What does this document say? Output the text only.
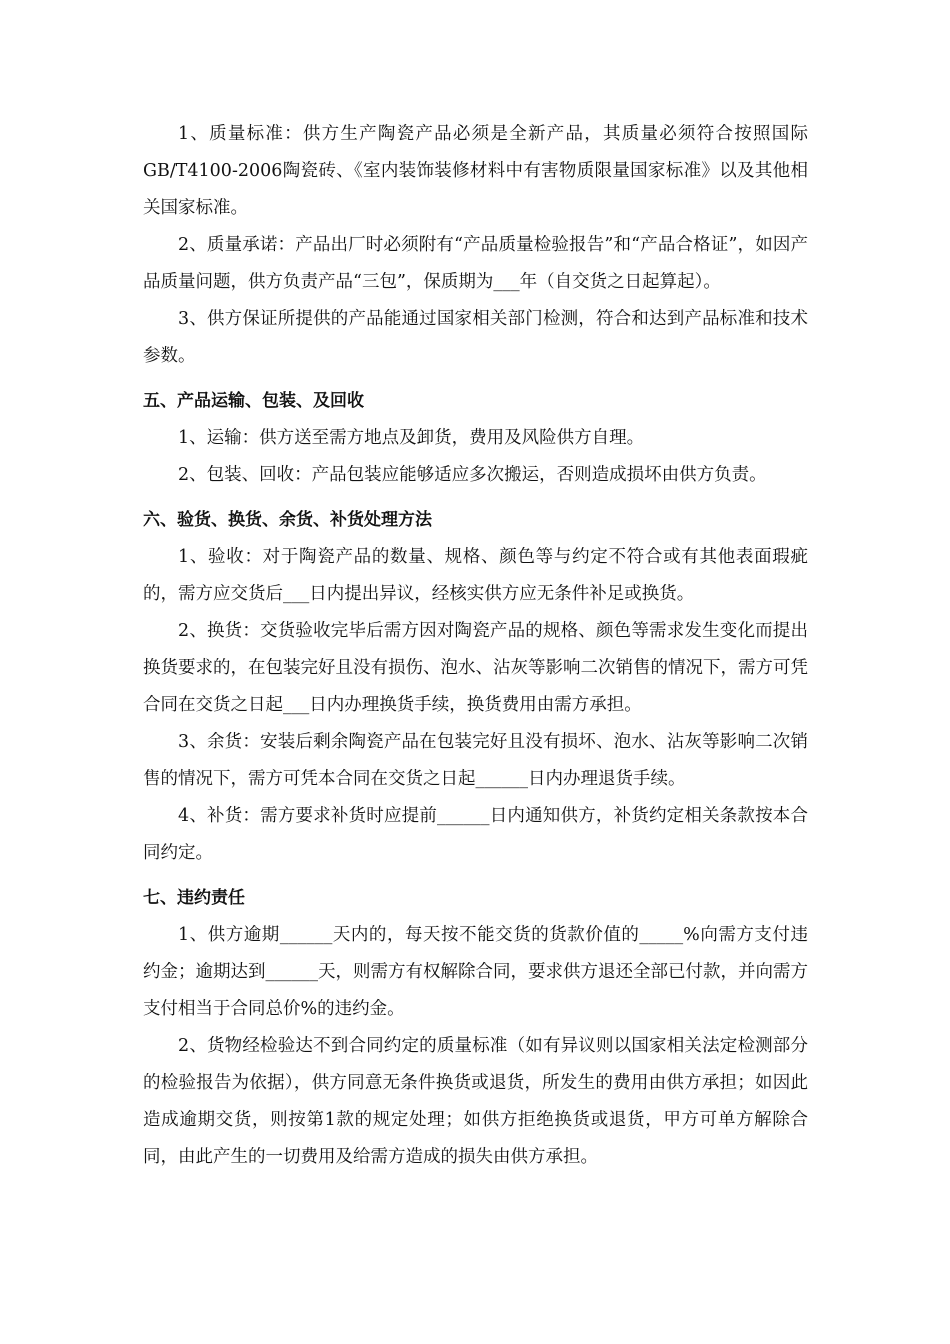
1、质量标准：供方生产陶瓷产品必须是全新产品，其质量必须符合按照国际GB/T4100-2006陶瓷砖、《室内装饰装修材料中有害物质限量国家标准》以及其他相关国家标准。

2、质量承诺：产品出厂时必须附有“产品质量检验报告”和“产品合格证”，如因产品质量问题，供方负责产品“三包”，保质期为___年（自交货之日起算起）。

3、供方保证所提供的产品能通过国家相关部门检测，符合和达到产品标准和技术参数。

五、产品运输、包装、及回收

1、运输：供方送至需方地点及卸货，费用及风险供方自理。

2、包装、回收：产品包装应能够适应多次搬运，否则造成损坏由供方负责。

六、验货、换货、余货、补货处理方法

1、验收：对于陶瓷产品的数量、规格、颜色等与约定不符合或有其他表面瑕疵的，需方应交货后___日内提出异议，经核实供方应无条件补足或换货。

2、换货：交货验收完毕后需方因对陶瓷产品的规格、颜色等需求发生变化而提出换货要求的，在包装完好且没有损伤、泡水、沾灰等影响二次销售的情况下，需方可凭合同在交货之日起___日内办理换货手续，换货费用由需方承担。

3、余货：安装后剩余陶瓷产品在包装完好且没有损坏、泡水、沾灰等影响二次销售的情况下，需方可凭本合同在交货之日起______日内办理退货手续。

4、补货：需方要求补货时应提前______日内通知供方，补货约定相关条款按本合同约定。

七、违约责任

1、供方逾期______天内的，每天按不能交货的货款价值的_____%向需方支付违约金；逾期达到______天，则需方有权解除合同，要求供方退还全部已付款，并向需方支付相当于合同总价%的违约金。

2、货物经检验达不到合同约定的质量标准（如有异议则以国家相关法定检测部分的检验报告为依据），供方同意无条件换货或退货，所发生的费用由供方承担；如因此造成逾期交货，则按第1款的规定处理；如供方拒绝换货或退货，甲方可单方解除合同，由此产生的一切费用及给需方造成的损失由供方承担。
